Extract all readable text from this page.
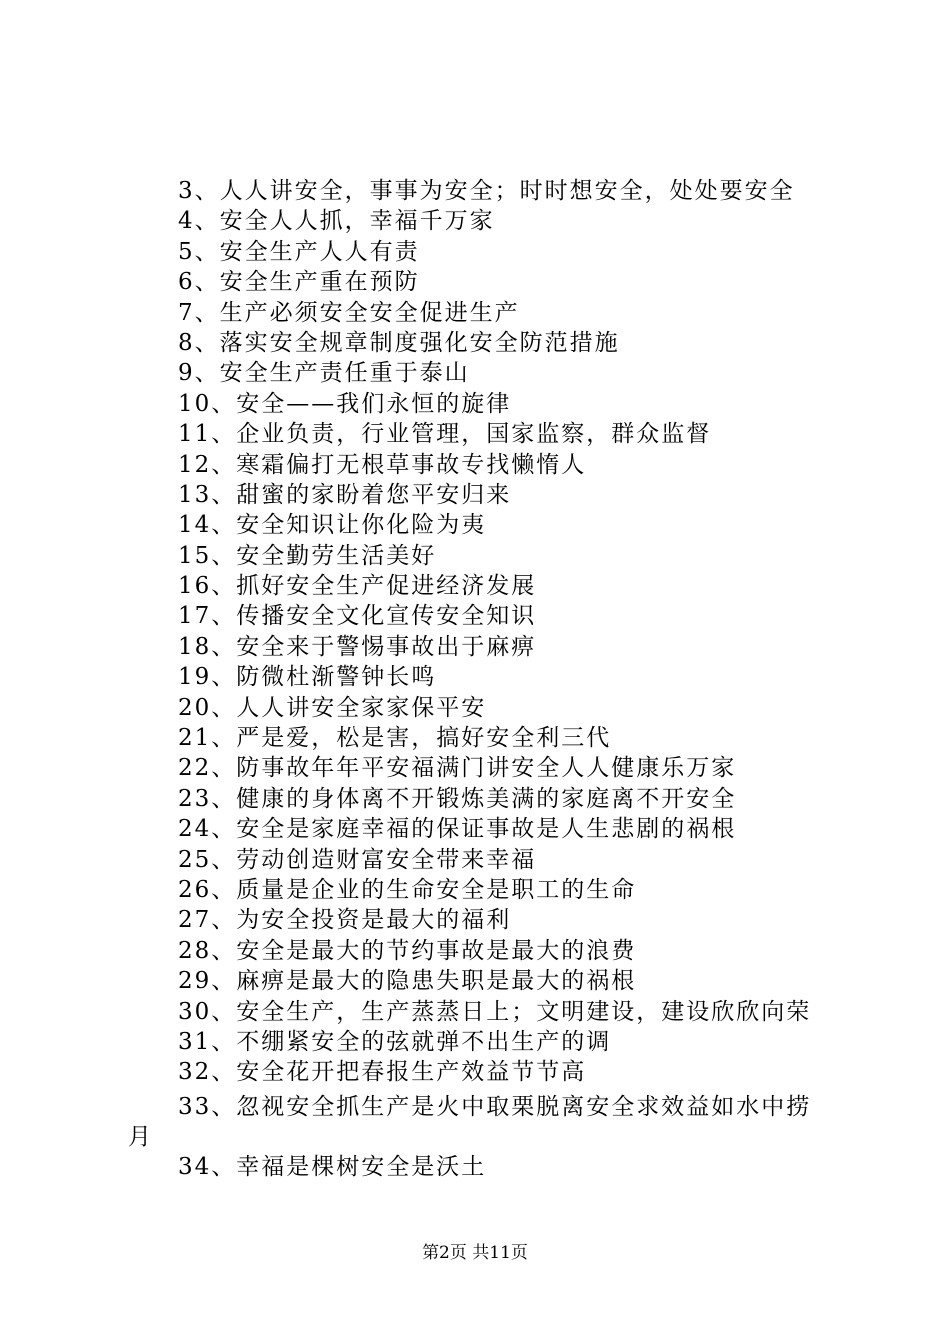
3、人人讲安全，事事为安全；时时想安全，处处要安全
4、安全人人抓，幸福千万家
5、安全生产人人有责
6、安全生产重在预防
7、生产必须安全安全促进生产
8、落实安全规章制度强化安全防范措施
9、安全生产责任重于泰山
10、安全——我们永恒的旋律
11、企业负责，行业管理，国家监察，群众监督
12、寒霜偏打无根草事故专找懒惰人
13、甜蜜的家盼着您平安归来
14、安全知识让你化险为夷
15、安全勤劳生活美好
16、抓好安全生产促进经济发展
17、传播安全文化宣传安全知识
18、安全来于警惕事故出于麻痹
19、防微杜渐警钟长鸣
20、人人讲安全家家保平安
21、严是爱，松是害，搞好安全利三代
22、防事故年年平安福满门讲安全人人健康乐万家
23、健康的身体离不开锻炼美满的家庭离不开安全
24、安全是家庭幸福的保证事故是人生悲剧的祸根
25、劳动创造财富安全带来幸福
26、质量是企业的生命安全是职工的生命
27、为安全投资是最大的福利
28、安全是最大的节约事故是最大的浪费
29、麻痹是最大的隐患失职是最大的祸根
30、安全生产，生产蒸蒸日上；文明建设，建设欣欣向荣
31、不绷紧安全的弦就弹不出生产的调
32、安全花开把春报生产效益节节高
33、忽视安全抓生产是火中取栗脱离安全求效益如水中捞
月
34、幸福是棵树安全是沃土
第2页 共11页
